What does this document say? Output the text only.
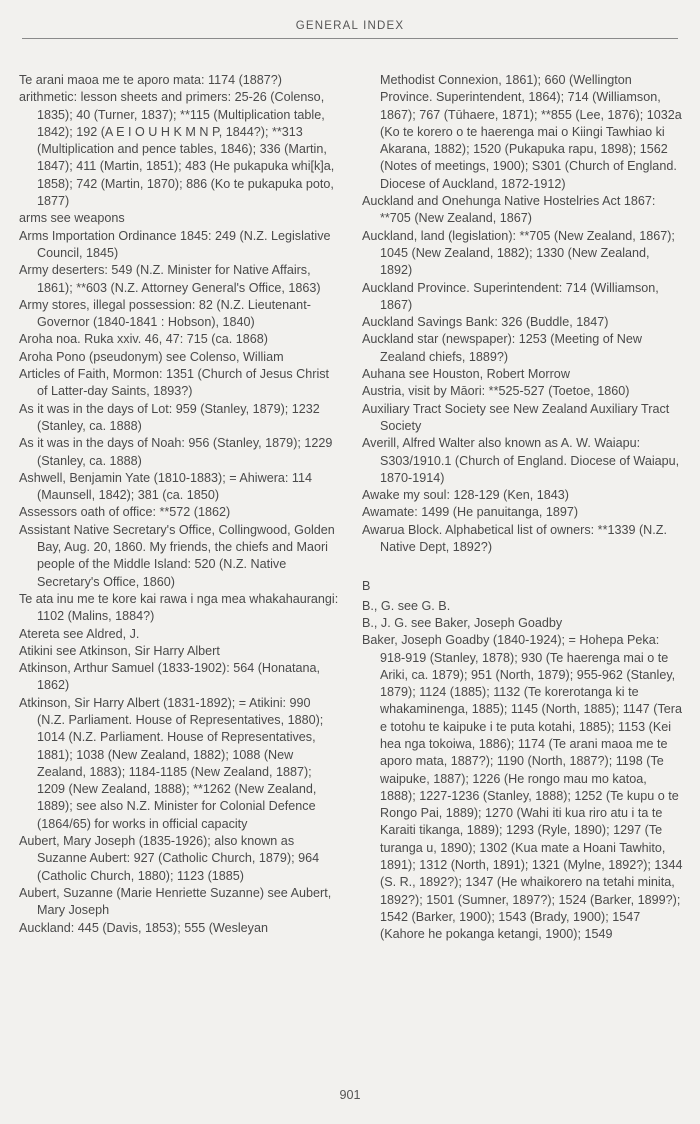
GENERAL INDEX

Te arani maoa me te aporo mata: 1174 (1887?)

arithmetic: lesson sheets and primers: 25-26 (Colenso, 1835); 40 (Turner, 1837); **115 (Multiplication table, 1842); 192 (A E I O U H K M N P, 1844?); **313 (Multiplication and pence tables, 1846); 336 (Martin, 1847); 411 (Martin, 1851); 483 (He pukapuka whi[k]a, 1858); 742 (Martin, 1870); 886 (Ko te pukapuka poto, 1877)

arms see weapons

Arms Importation Ordinance 1845: 249 (N.Z. Legislative Council, 1845)

Army deserters: 549 (N.Z. Minister for Native Affairs, 1861); **603 (N.Z. Attorney General's Office, 1863)

Army stores, illegal possession: 82 (N.Z. Lieutenant-Governor (1840-1841 : Hobson), 1840)

Aroha noa. Ruka xxiv. 46, 47: 715 (ca. 1868)

Aroha Pono (pseudonym) see Colenso, William

Articles of Faith, Mormon: 1351 (Church of Jesus Christ of Latter-day Saints, 1893?)

As it was in the days of Lot: 959 (Stanley, 1879); 1232 (Stanley, ca. 1888)

As it was in the days of Noah: 956 (Stanley, 1879); 1229 (Stanley, ca. 1888)

Ashwell, Benjamin Yate (1810-1883); = Ahiwera: 114 (Maunsell, 1842); 381 (ca. 1850)

Assessors oath of office: **572 (1862)

Assistant Native Secretary's Office, Collingwood, Golden Bay, Aug. 20, 1860. My friends, the chiefs and Maori people of the Middle Island: 520 (N.Z. Native Secretary's Office, 1860)

Te ata inu me te kore kai rawa i nga mea whakahaurangi: 1102 (Malins, 1884?)

Atereta see Aldred, J.

Atikini see Atkinson, Sir Harry Albert

Atkinson, Arthur Samuel (1833-1902): 564 (Honatana, 1862)

Atkinson, Sir Harry Albert (1831-1892); = Atikini: 990 (N.Z. Parliament. House of Representatives, 1880); 1014 (N.Z. Parliament. House of Representatives, 1881); 1038 (New Zealand, 1882); 1088 (New Zealand, 1883); 1184-1185 (New Zealand, 1887); 1209 (New Zealand, 1888); **1262 (New Zealand, 1889); see also N.Z. Minister for Colonial Defence (1864/65) for works in official capacity

Aubert, Mary Joseph (1835-1926); also known as Suzanne Aubert: 927 (Catholic Church, 1879); 964 (Catholic Church, 1880); 1123 (1885)

Aubert, Suzanne (Marie Henriette Suzanne) see Aubert, Mary Joseph

Auckland: 445 (Davis, 1853); 555 (Wesleyan

Methodist Connexion, 1861); 660 (Wellington Province. Superintendent, 1864); 714 (Williamson, 1867); 767 (Tūhaere, 1871); **855 (Lee, 1876); 1032a (Ko te korero o te haerenga mai o Kiingi Tawhiao ki Akarana, 1882); 1520 (Pukapuka rapu, 1898); 1562 (Notes of meetings, 1900); S301 (Church of England. Diocese of Auckland, 1872-1912)

Auckland and Onehunga Native Hostelries Act 1867: **705 (New Zealand, 1867)

Auckland, land (legislation): **705 (New Zealand, 1867); 1045 (New Zealand, 1882); 1330 (New Zealand, 1892)

Auckland Province. Superintendent: 714 (Williamson, 1867)

Auckland Savings Bank: 326 (Buddle, 1847)

Auckland star (newspaper): 1253 (Meeting of New Zealand chiefs, 1889?)

Auhana see Houston, Robert Morrow

Austria, visit by Māori: **525-527 (Toetoe, 1860)

Auxiliary Tract Society see New Zealand Auxiliary Tract Society

Averill, Alfred Walter also known as A. W. Waiapu: S303/1910.1 (Church of England. Diocese of Waiapu, 1870-1914)

Awake my soul: 128-129 (Ken, 1843)

Awamate: 1499 (He panuitanga, 1897)

Awarua Block. Alphabetical list of owners: **1339 (N.Z. Native Dept, 1892?)

B

B., G. see G. B.

B., J. G. see Baker, Joseph Goadby

Baker, Joseph Goadby (1840-1924); = Hohepa Peka: 918-919 (Stanley, 1878); 930 (Te haerenga mai o te Ariki, ca. 1879); 951 (North, 1879); 955-962 (Stanley, 1879); 1124 (1885); 1132 (Te korerotanga ki te whakaminenga, 1885); 1145 (North, 1885); 1147 (Tera e totohu te kaipuke i te puta kotahi, 1885); 1153 (Kei hea nga tokoiwa, 1886); 1174 (Te arani maoa me te aporo mata, 1887?); 1190 (North, 1887?); 1198 (Te waipuke, 1887); 1226 (He rongo mau mo katoa, 1888); 1227-1236 (Stanley, 1888); 1252 (Te kupu o te Rongo Pai, 1889); 1270 (Wahi iti kua riro atu i ta te Karaiti tikanga, 1889); 1293 (Ryle, 1890); 1297 (Te turanga u, 1890); 1302 (Kua mate a Hoani Tawhito, 1891); 1312 (North, 1891); 1321 (Mylne, 1892?); 1344 (S. R., 1892?); 1347 (He whaikorero na tetahi minita, 1892?); 1501 (Sumner, 1897?); 1524 (Barker, 1899?); 1542 (Barker, 1900); 1543 (Brady, 1900); 1547 (Kahore he pokanga ketangi, 1900); 1549

901
